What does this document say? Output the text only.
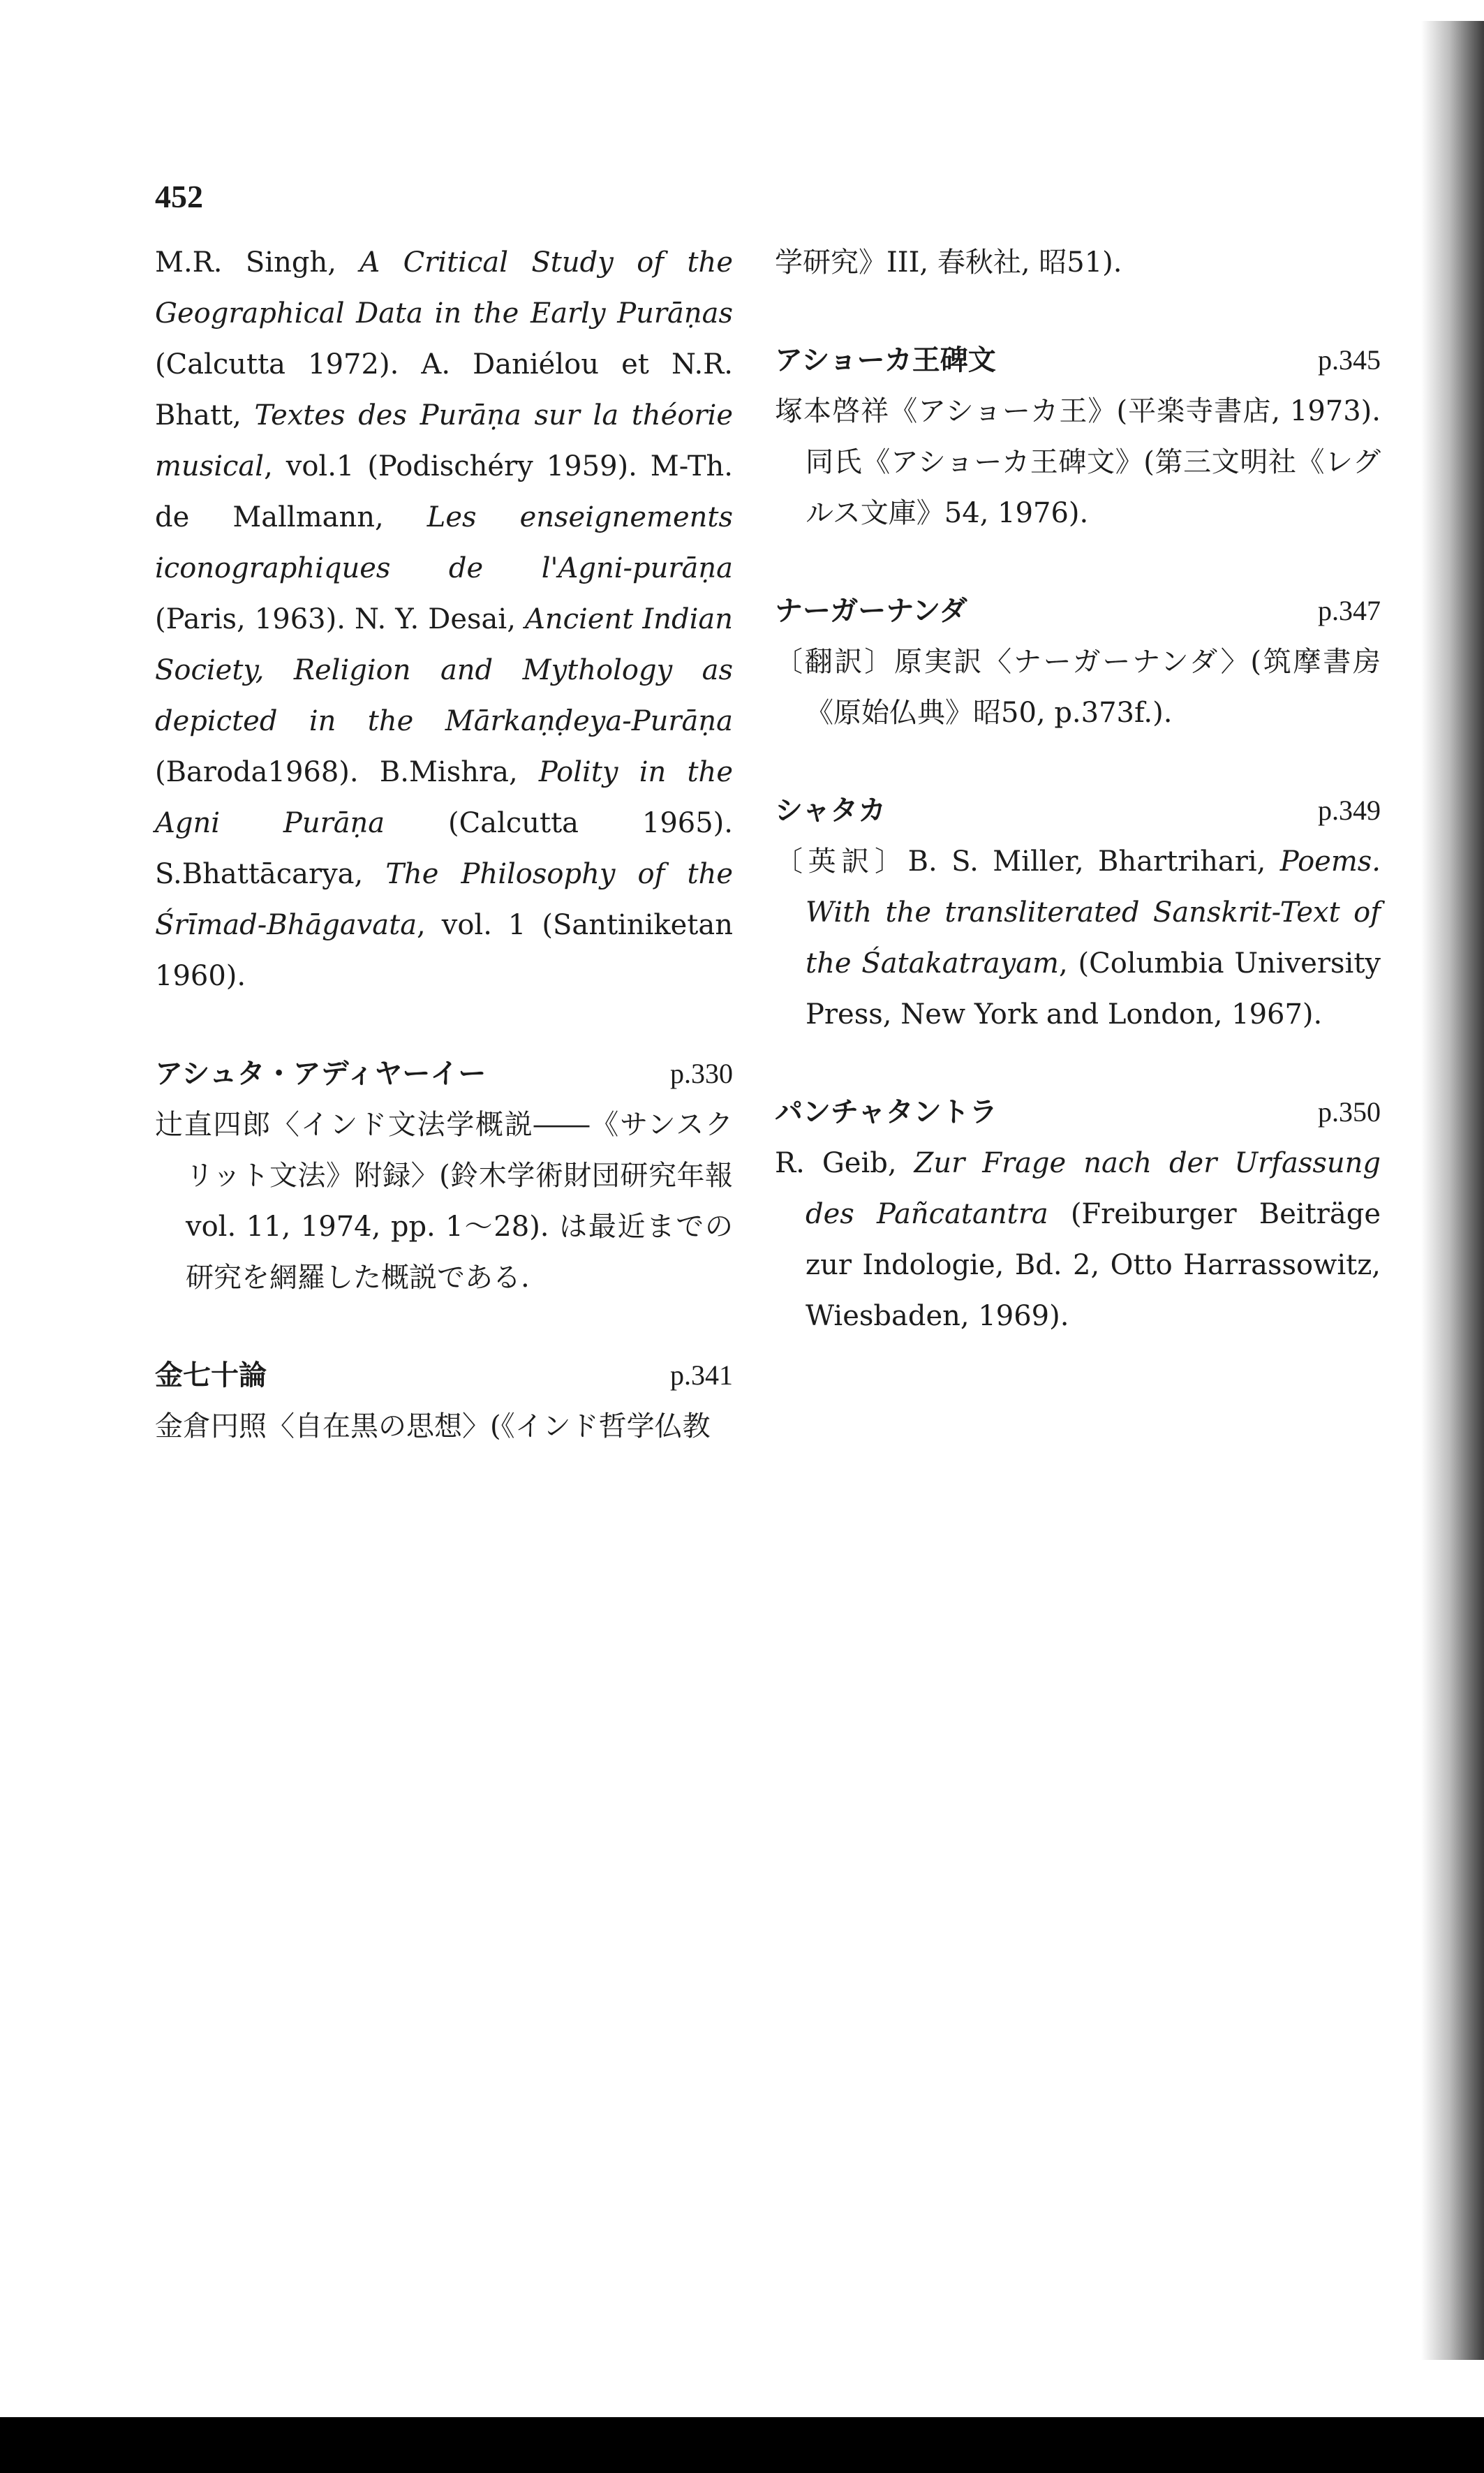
452

M.R. Singh, A Critical Study of the Geographical Data in the Early Purāṇas (Calcutta 1972). A. Daniélou et N.R. Bhatt, Textes des Purāṇa sur la théorie musical, vol.1 (Podischéry 1959). M-Th. de Mallmann, Les enseignements iconographiques de l'Agni-purāṇa (Paris, 1963). N. Y. Desai, Ancient Indian Society, Religion and Mythology as depicted in the Mārkaṇḍeya-Purāṇa (Baroda1968). B.Mishra, Polity in the Agni Purāṇa (Calcutta 1965). S.Bhattācarya, The Philosophy of the Śrīmad-Bhāgavata, vol. 1 (Santiniketan 1960).

アシュタ・アディヤーイー	p.330

辻直四郎〈インド文法学概説――《サンスクリット文法》附録〉(鈴木学術財団研究年報 vol. 11, 1974, pp. 1～28). は最近までの研究を網羅した概説である.

金七十論	p.341

金倉円照〈自在黒の思想〉(《インド哲学仏教

学研究》III, 春秋社, 昭51).

アショーカ王碑文	p.345

塚本啓祥《アショーカ王》(平楽寺書店, 1973). 同氏《アショーカ王碑文》(第三文明社《レグルス文庫》54, 1976).

ナーガーナンダ	p.347

〔翻訳〕原実訳〈ナーガーナンダ〉(筑摩書房《原始仏典》昭50, p.373f.).

シャタカ	p.349

〔英訳〕B. S. Miller, Bhartrihari, Poems. With the transliterated Sanskrit-Text of the Śatakatrayam, (Columbia University Press, New York and London, 1967).

パンチャタントラ	p.350

R. Geib, Zur Frage nach der Urfassung des Pañcatantra (Freiburger Beiträge zur Indologie, Bd. 2, Otto Harrassowitz, Wiesbaden, 1969).
